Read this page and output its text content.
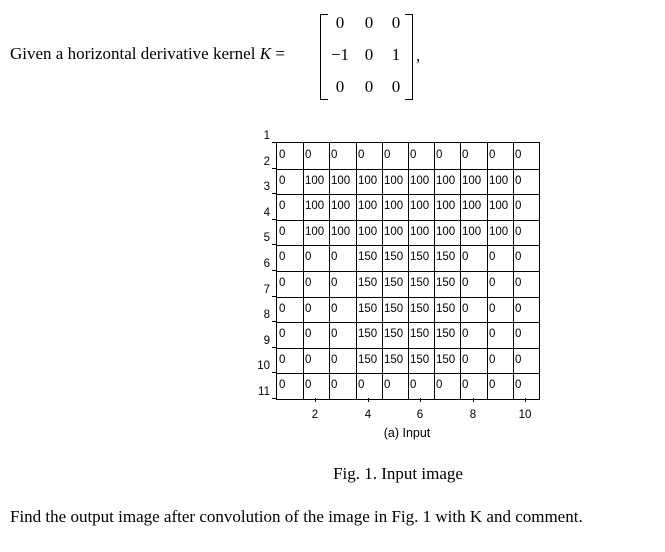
Given a horizontal derivative kernel K =
0	0	0
−1 0	1
0	0	0
,
0 0 0 0 0 0 0 0 0 0
0 100 100 100 100 100 100 100 100 0
0 100 100 100 100 100 100 100 100 0
0 100 100 100 100 100 100 100 100 0
0 0 0 150 150 150 150 0 0 0
0 0 0 150 150 150 150 0 0 0
0 0 0 150 150 150 150 0 0 0
0 0 0 150 150 150 150 0 0 0
0 0 0 150 150 150 150 0 0 0
0 0 0 0 0 0 0 0 0 0
1
2
3
4
5
6
7
8
9
10
11
2	4	6	8	10
(a) Input
Fig. 1. Input image
Find the output image after convolution of the image in Fig. 1 with K and comment.
